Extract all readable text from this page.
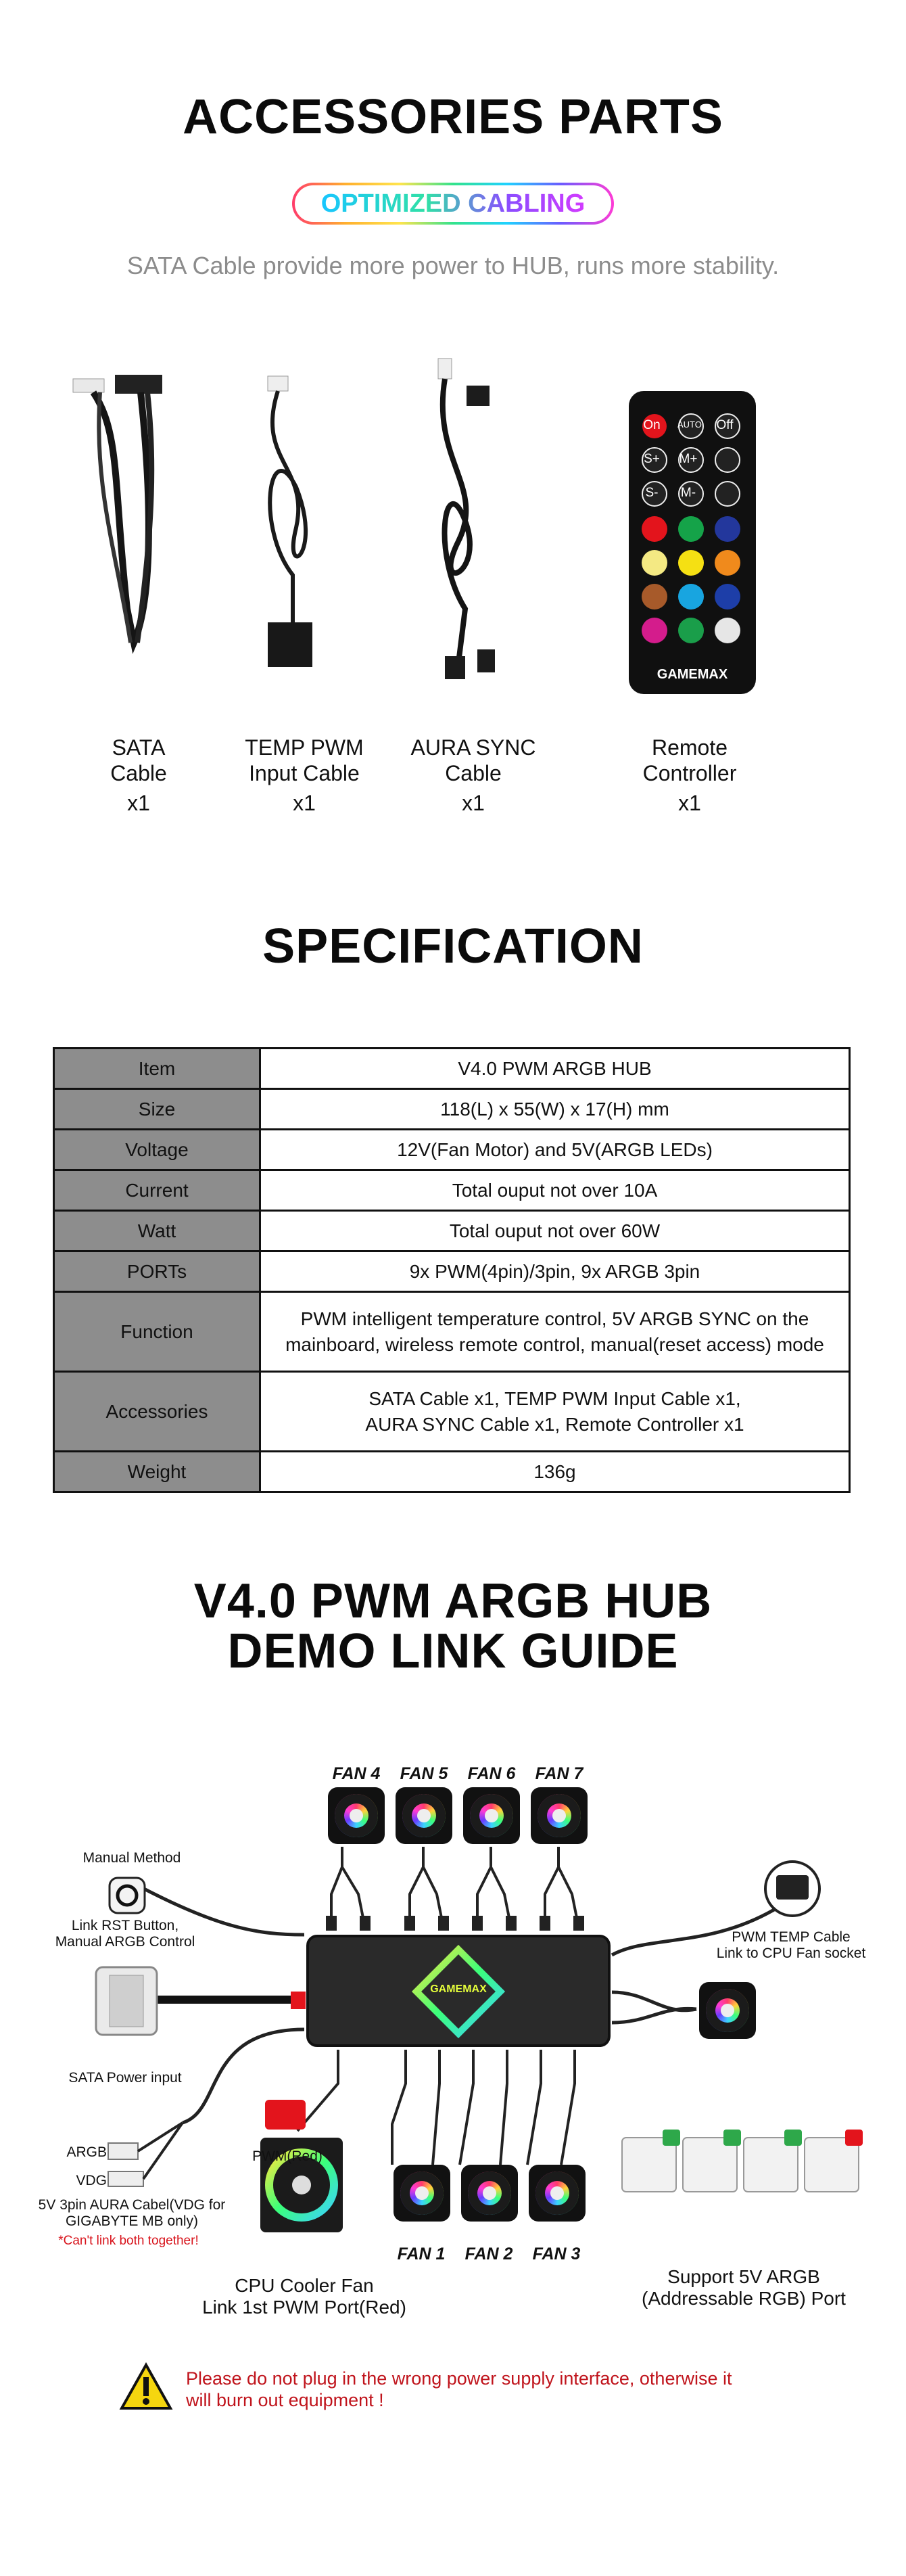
ACCESSORIES PARTS
OPTIMIZED CABLING
SATA Cable provide more power to HUB, runs more stability.
On AUTO Off
S+ M+
S-	M-
GAMEMAX
SATA
Cable
x1
TEMP PWM
Input Cable
x1
AURA SYNC
Cable
x1
Remote
Controller
x1
SPECIFICATION
Item	V4.0 PWM ARGB HUB
Size	118(L) x 55(W) x 17(H) mm
Voltage	12V(Fan Motor) and 5V(ARGB LEDs)
Current	Total ouput not over 10A
Watt	Total ouput not over 60W
PORTs	9x PWM(4pin)/3pin, 9x ARGB 3pin
Function	PWM intelligent temperature control, 5V ARGB SYNC on the
mainboard, wireless remote control, manual(reset access) mode

Accessories	SATA Cable x1, TEMP PWM Input Cable x1,
AURA SYNC Cable x1, Remote Controller x1

Weight	136g
V4.0 PWM ARGB HUB
DEMO LINK GUIDE
FAN 4	FAN 5	FAN 6	FAN 7
FAN 1	FAN 2	FAN 3
GAMEMAX
Manual Method
Link RST Button,
Manual ARGB Control
SATA Power input
ARGB
VDG
5V 3pin AURA Cabel(VDG for
GIGABYTE MB only)
*Can't link both together!
PWM(Red)
PWM TEMP Cable
Link to CPU Fan socket
CPU Cooler Fan
Link 1st PWM Port(Red)
Support 5V ARGB
(Addressable RGB) Port
Please do not plug in the wrong power supply interface, otherwise it
will burn out equipment !
